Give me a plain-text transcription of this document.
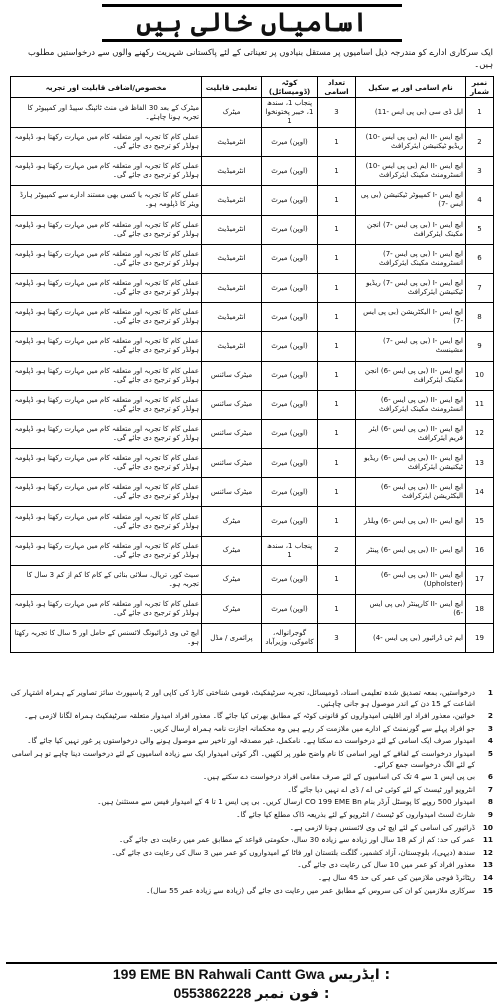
اسامیاں خالی ہیں
ایک سرکاری ادارے کو مندرجہ ذیل اسامیوں پر مستقل بنیادوں پر تعیناتی کے لئے پاکستانی شہریت رکھنے والوں سے درخواستیں مطلوب ہیں۔
نمبر شمار	نام اسامی اور پے سکیل	تعداد اسامی	کوٹہ (ڈومیسائل)	تعلیمی قابلیت	مخصوص/اضافی قابلیت اور تجربہ
1	ایل ڈی سی (بی پی ایس -11)	3	پنجاب 1، سندھ 1، خیبر پختونخوا 1	میٹرک	میٹرک کے بعد 30 الفاظ فی منٹ ٹائپنگ سپیڈ اور کمپیوٹر کا تجربہ ہونا چاہئے۔
2	ایچ ایس -II ایم (بی پی ایس -10) ریڈیو ٹیکنیشن ایئرکرافٹ	1	(اوپن) میرٹ	انٹرمیڈیٹ	عملی کام کا تجربہ اور متعلقہ کام میں مہارت رکھتا ہو، ڈپلومہ ہولڈر کو ترجیح دی جائے گی۔
3	ایچ ایس -II ایم (بی پی ایس -10) انسٹرومنٹ مکینک ایئرکرافٹ	1	(اوپن) میرٹ	انٹرمیڈیٹ	عملی کام کا تجربہ اور متعلقہ کام میں مہارت رکھتا ہو، ڈپلومہ ہولڈر کو ترجیح دی جائے گی۔
4	ایچ ایس -I کمپیوٹر ٹیکنیشن (بی پی ایس -7)	1	(اوپن) میرٹ	انٹرمیڈیٹ	عملی کام کا تجربہ یا کسی بھی مستند ادارے سے کمپیوٹر ہارڈ ویئر کا ڈپلومہ ہو۔
5	ایچ ایس -I (بی پی ایس -7) انجن مکینک ایئرکرافٹ	1	(اوپن) میرٹ	انٹرمیڈیٹ	عملی کام کا تجربہ اور متعلقہ کام میں مہارت رکھتا ہو، ڈپلومہ ہولڈر کو ترجیح دی جائے گی۔
6	ایچ ایس -I (بی پی ایس -7) انسٹرومنٹ مکینک ایئرکرافٹ	1	(اوپن) میرٹ	انٹرمیڈیٹ	عملی کام کا تجربہ اور متعلقہ کام میں مہارت رکھتا ہو، ڈپلومہ ہولڈر کو ترجیح دی جائے گی۔
7	ایچ ایس -I (بی پی ایس -7) ریڈیو ٹیکنیشن ایئرکرافٹ	1	(اوپن) میرٹ	انٹرمیڈیٹ	عملی کام کا تجربہ اور متعلقہ کام میں مہارت رکھتا ہو، ڈپلومہ ہولڈر کو ترجیح دی جائے گی۔
8	ایچ ایس -I الیکٹریشن (بی پی ایس -7)	1	(اوپن) میرٹ	انٹرمیڈیٹ	عملی کام کا تجربہ اور متعلقہ کام میں مہارت رکھتا ہو، ڈپلومہ ہولڈر کو ترجیح دی جائے گی۔
9	ایچ ایس -I (بی پی ایس -7) مشینسٹ	1	(اوپن) میرٹ	انٹرمیڈیٹ	عملی کام کا تجربہ اور متعلقہ کام میں مہارت رکھتا ہو، ڈپلومہ ہولڈر کو ترجیح دی جائے گی۔
10	ایچ ایس -II (بی پی ایس -6) انجن مکینک ایئرکرافٹ	1	(اوپن) میرٹ	میٹرک سائنس	عملی کام کا تجربہ اور متعلقہ کام میں مہارت رکھتا ہو، ڈپلومہ ہولڈر کو ترجیح دی جائے گی۔
11	ایچ ایس -II (بی پی ایس -6) انسٹرومنٹ مکینک ایئرکرافٹ	1	(اوپن) میرٹ	میٹرک سائنس	عملی کام کا تجربہ اور متعلقہ کام میں مہارت رکھتا ہو، ڈپلومہ ہولڈر کو ترجیح دی جائے گی۔
12	ایچ ایس -II (بی پی ایس -6) ایئر فریم ایئرکرافٹ	1	(اوپن) میرٹ	میٹرک سائنس	عملی کام کا تجربہ اور متعلقہ کام میں مہارت رکھتا ہو، ڈپلومہ ہولڈر کو ترجیح دی جائے گی۔
13	ایچ ایس -II (بی پی ایس -6) ریڈیو ٹیکنیشن ایئرکرافٹ	1	(اوپن) میرٹ	میٹرک سائنس	عملی کام کا تجربہ اور متعلقہ کام میں مہارت رکھتا ہو، ڈپلومہ ہولڈر کو ترجیح دی جائے گی۔
14	ایچ ایس -II (بی پی ایس -6) الیکٹریشن ایئرکرافٹ	1	(اوپن) میرٹ	میٹرک سائنس	عملی کام کا تجربہ اور متعلقہ کام میں مہارت رکھتا ہو، ڈپلومہ ہولڈر کو ترجیح دی جائے گی۔
15	ایچ ایس -II (بی پی ایس -6) ویلڈر	1	(اوپن) میرٹ	میٹرک	عملی کام کا تجربہ اور متعلقہ کام میں مہارت رکھتا ہو، ڈپلومہ ہولڈر کو ترجیح دی جائے گی۔
16	ایچ ایس -II (بی پی ایس -6) پینٹر	2	پنجاب 1، سندھ 1	میٹرک	عملی کام کا تجربہ اور متعلقہ کام میں مہارت رکھتا ہو، ڈپلومہ ہولڈر کو ترجیح دی جائے گی۔
17	ایچ ایس -II (بی پی ایس -6) (Upholster)	1	(اوپن) میرٹ	میٹرک	سیٹ کور، ترپال، سلائی بنائی کے کام کا کم از کم 3 سال کا تجربہ ہو۔
18	ایچ ایس -II کارپینٹر (بی پی ایس -6)	1	(اوپن) میرٹ	میٹرک	عملی کام کا تجربہ اور متعلقہ کام میں مہارت رکھتا ہو، ڈپلومہ ہولڈر کو ترجیح دی جائے گی۔
19	ایم ٹی ڈرائیور (بی پی ایس -4)	3	گوجرانوالہ، کاموکی، وزیرآباد	پرائمری / مڈل	ایچ ٹی وی ڈرائیونگ لائسنس کے حامل اور 5 سال کا تجربہ رکھتا ہو۔
1
درخواستیں، بمعہ تصدیق شدہ تعلیمی اسناد، ڈومیسائل، تجربہ سرٹیفکیٹ، قومی شناختی کارڈ کی کاپی اور 2 پاسپورٹ سائز تصاویر کے ہمراہ اشتہار کی اشاعت کے 15 دن کے اندر موصول ہو جانی چاہئیں۔
2
خواتین، معذور افراد اور اقلیتی امیدواروں کو قانونی کوٹہ کے مطابق بھرتی کیا جائے گا۔ معذور افراد امیدوار متعلقہ سرٹیفکیٹ ہمراہ لگانا لازمی ہے۔
3
جو افراد پہلے سے گورنمنٹ کے ادارے میں ملازمت کر رہے ہیں وہ محکمانہ اجازت نامہ ہمراہ ارسال کریں۔
4
امیدوار صرف ایک اسامی کے لئے درخواست دے سکتا ہے۔ نامکمل، غیر مصدقہ اور تاخیر سے موصول ہونے والی درخواستوں پر غور نہیں کیا جائے گا۔
5
امیدوار درخواست کے لفافے کے اوپر اسامی کا نام واضح طور پر لکھیں۔ اگر کوئی امیدوار ایک سے زیادہ اسامیوں کے لئے درخواست دینا چاہے تو ہر اسامی کے لئے الگ درخواست جمع کرائے۔
6
بی پی ایس 1 سے 4 تک کی اسامیوں کے لئے صرف مقامی افراد درخواست دے سکتے ہیں۔
7
انٹرویو اور ٹیسٹ کے لئے کوئی ٹی اے / ڈی اے نہیں دیا جائے گا۔
8
امیدوار 500 روپے کا پوسٹل آرڈر بنام CO 199 EME Bn ارسال کریں۔ بی پی ایس 1 تا 4 کے امیدوار فیس سے مستثنیٰ ہیں۔
9
شارٹ لسٹ امیدواروں کو ٹیسٹ / انٹرویو کے لئے بذریعہ ڈاک مطلع کیا جائے گا۔
10
ڈرائیور کی اسامی کے لئے ایچ ٹی وی لائسنس ہونا لازمی ہے۔
11
عمر کی حد: کم از کم 18 سال اور زیادہ سے زیادہ 30 سال، حکومتی قواعد کے مطابق عمر میں رعایت دی جائے گی۔
12
سندھ (دیہی)، بلوچستان، آزاد کشمیر، گلگت بلتستان اور فاٹا کے امیدواروں کو عمر میں 3 سال کی رعایت دی جائے گی۔
13
معذور افراد کو عمر میں 10 سال کی رعایت دی جائے گی۔
14
ریٹائرڈ فوجی ملازمین کی عمر کی حد 45 سال ہے۔
15
سرکاری ملازمین کو ان کی سروس کے مطابق عمر میں رعایت دی جائے گی (زیادہ سے زیادہ عمر 55 سال)۔
199 EME BN Rahwali Cantt Gwa ایڈریس :
0553862228 فون نمبر :
